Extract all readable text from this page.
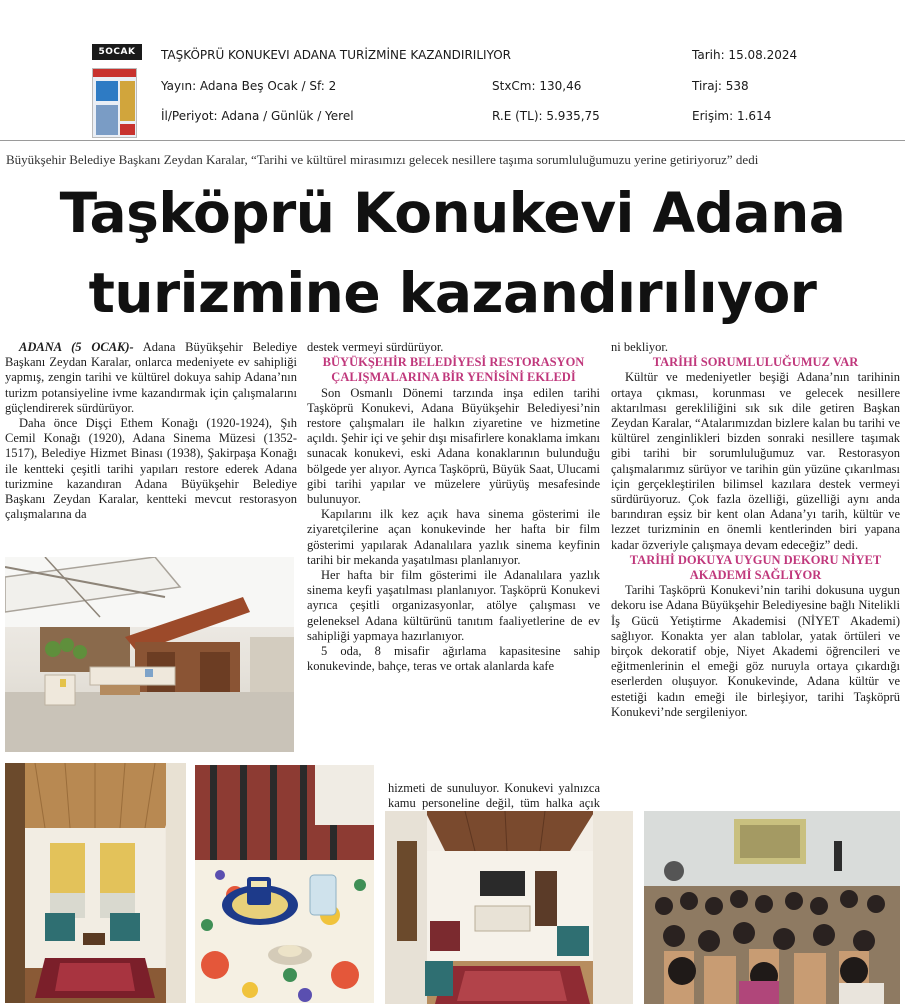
5OCAK	TAŞKÖPRÜ KONUKEVI ADANA TURİZMİNE KAZANDIRILIYOR	Tarih: 15.08.2024
Yayın: Adana Beş Ocak / Sf: 2	StxCm: 130,46	Tiraj: 538
İl/Periyot: Adana / Günlük / Yerel	R.E (TL): 5.935,75	Erişim: 1.614
Büyükşehir Belediye Başkanı Zeydan Karalar, “Tarihi ve kültürel mirasımızı gelecek nesillere taşıma sorumluluğumuzu yerine getiriyoruz” dedi
Taşköprü Konukevi Adana
turizmine kazandırılıyor

ADANA (5 OCAK)- Adana Büyükşehir Belediye Başkanı Zeydan Karalar, onlarca medeniyete ev sahipliği yapmış, zengin tarihi ve kültürel dokuya sahip Adana’nın turizm potansiyeline ivme kazandırmak için çalışmalarını güçlendirerek sürdürüyor.

Daha önce Dişçi Ethem Konağı (1920-1924), Şıh Cemil Konağı (1920), Adana Sinema Müzesi (1352-1517), Belediye Hizmet Binası (1938), Şakirpaşa Konağı ile kentteki çeşitli tarihi yapıları restore ederek Adana turizmine kazandıran Adana Büyükşehir Belediye Başkanı Zeydan Karalar, kentteki mevcut restorasyon çalışmalarına da

destek vermeyi sürdürüyor.

BÜYÜKŞEHİR BELEDİYESİ RESTORASYON ÇALIŞMALARINA BİR YENİSİNİ EKLEDİ

Son Osmanlı Dönemi tarzında inşa edilen tarihi Taşköprü Konukevi, Adana Büyükşehir Belediyesi’nin restore çalışmaları ile halkın ziyaretine ve hizmetine açıldı. Şehir içi ve şehir dışı misafirlere konaklama imkanı sunacak konukevi, eski Adana konaklarının bulunduğu bölgede yer alıyor. Ayrıca Taşköprü, Büyük Saat, Ulucami gibi tarihi yapılar ve müzelere yürüyüş mesafesinde bulunuyor.

Kapılarını ilk kez açık hava sinema gösterimi ile ziyaretçilerine açan konukevinde her hafta bir film gösterimi yapılarak Adanalılara yazlık sinema keyfinin tarihi bir mekanda yaşatılması planlanıyor.

Her hafta bir film gösterimi ile Adanalılara yazlık sinema keyfi yaşatılması planlanıyor. Taşköprü Konukevi ayrıca çeşitli organizasyonlar, atölye çalışması ve geleneksel Adana kültürünü tanıtım faaliyetlerine de ev sahipliği yapmaya hazırlanıyor.

5 oda, 8 misafir ağırlama kapasitesine sahip konukevinde, bahçe, teras ve ortak alanlarda kafe

hizmeti de sunuluyor. Konukevi yalnızca kamu personeline değil, tüm halka açık

ni bekliyor.

TARİHİ SORUMLULUĞUMUZ VAR

Kültür ve medeniyetler beşiği Adana’nın tarihinin ortaya çıkması, korunması ve gelecek nesillere aktarılması gerekliliğini sık sık dile getiren Başkan Zeydan Karalar, “Atalarımızdan bizlere kalan bu tarihi ve kültürel zenginlikleri bizden sonraki nesillere taşımak gibi tarihi bir sorumluluğumuz var. Restorasyon çalışmalarımız sürüyor ve tarihin gün yüzüne çıkarılması için gerçekleştirilen bilimsel kazılara destek vermeyi sürdürüyoruz. Çok fazla özelliği, güzelliği aynı anda barındıran eşsiz bir kent olan Adana’yı tarih, kültür ve lezzet turizminin en önemli kentlerinden biri yapana kadar özveriyle çalışmaya devam edeceğiz” dedi.

TARİHİ DOKUYA UYGUN DEKORU NİYET AKADEMİ SAĞLIYOR

Tarihi Taşköprü Konukevi’nin tarihi dokusuna uygun dekoru ise Adana Büyükşehir Belediyesine bağlı Nitelikli İş Gücü Yetiştirme Akademisi (NİYET Akademi) sağlıyor. Konakta yer alan tablolar, yatak örtüleri ve birçok dekoratif obje, Niyet Akademi öğrencileri ve eğitmenlerinin el emeği göz nuruyla ortaya çıkardığı eserlerden oluşuyor. Konukevinde, Adana kültür ve estetiği kadın emeği ile birleşiyor, tarihi Taşköprü Konukevi’nde sergileniyor.
